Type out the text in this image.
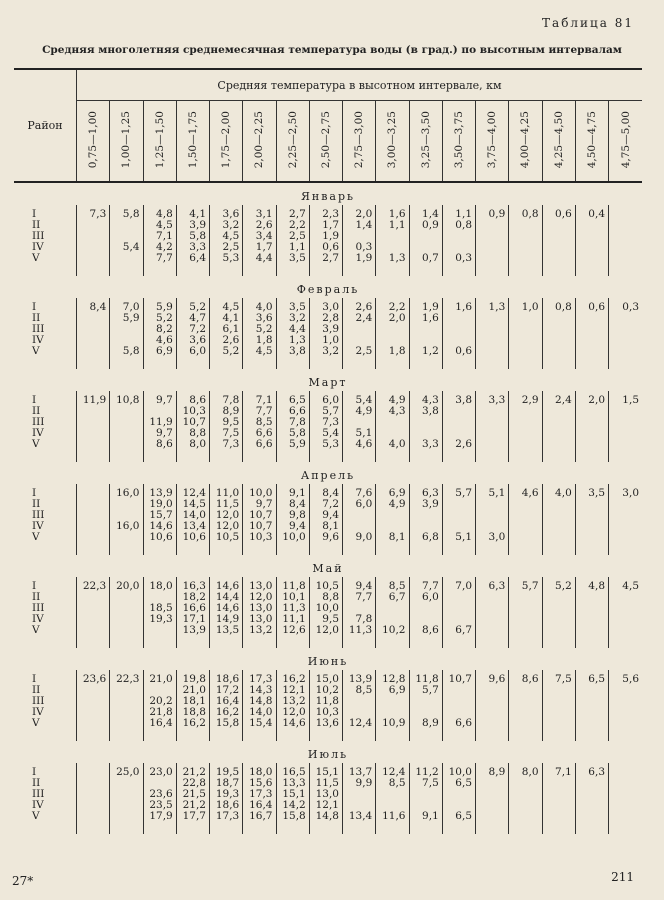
Таблица 81
Средняя многолетняя среднемесячная температура воды (в град.) по высотным интервалам
Район	Средняя температура в высотном интервале, км																
	0,75—1,00	1,00—1,25	1,25—1,50	1,50—1,75	1,75—2,00	2,00—2,25	2,25—2,50	2,50—2,75	2,75—3,00	3,00—3,25	3,25—3,50	3,50—3,75	3,75—4,00	4,00—4,25	4,25—4,50	4,50—4,75	4,75—5,00
Январь																	
I	7,3	5,8	4,8	4,1	3,6	3,1	2,7	2,3	2,0	1,6	1,4	1,1	0,9	0,8	0,6	0,4	
II			4,5	3,9	3,2	2,6	2,2	1,7	1,4	1,1	0,9	0,8					
III			7,1	5,8	4,5	3,4	2,5	1,9									
IV		5,4	4,2	3,3	2,5	1,7	1,1	0,6	0,3								
V			7,7	6,4	5,3	4,4	3,5	2,7	1,9	1,3	0,7	0,3					
Февраль																	
I	8,4	7,0	5,9	5,2	4,5	4,0	3,5	3,0	2,6	2,2	1,9	1,6	1,3	1,0	0,8	0,6	0,3
II		5,9	5,2	4,7	4,1	3,6	3,2	2,8	2,4	2,0	1,6						
III			8,2	7,2	6,1	5,2	4,4	3,9									
IV			4,6	3,6	2,6	1,8	1,3	1,0									
V		5,8	6,9	6,0	5,2	4,5	3,8	3,2	2,5	1,8	1,2	0,6					
Март																	
I	11,9	10,8	9,7	8,6	7,8	7,1	6,5	6,0	5,4	4,9	4,3	3,8	3,3	2,9	2,4	2,0	1,5
II				10,3	8,9	7,7	6,6	5,7	4,9	4,3	3,8						
III			11,9	10,7	9,5	8,5	7,8	7,3									
IV			9,7	8,8	7,5	6,6	5,8	5,4	5,1								
V			8,6	8,0	7,3	6,6	5,9	5,3	4,6	4,0	3,3	2,6					
Апрель																	
I		16,0	13,9	12,4	11,0	10,0	9,1	8,4	7,6	6,9	6,3	5,7	5,1	4,6	4,0	3,5	3,0
II			19,0	14,5	11,5	9,7	8,4	7,2	6,0	4,9	3,9						
III			15,7	14,0	12,0	10,7	9,8	9,4									
IV		16,0	14,6	13,4	12,0	10,7	9,4	8,1									
V			10,6	10,6	10,5	10,3	10,0	9,6	9,0	8,1	6,8	5,1	3,0				
Май																	
I	22,3	20,0	18,0	16,3	14,6	13,0	11,8	10,5	9,4	8,5	7,7	7,0	6,3	5,7	5,2	4,8	4,5
II				18,2	14,4	12,0	10,1	8,8	7,7	6,7	6,0						
III			18,5	16,6	14,6	13,0	11,3	10,0									
IV			19,3	17,1	14,9	13,0	11,1	9,5	7,8								
V				13,9	13,5	13,2	12,6	12,0	11,3	10,2	8,6	6,7					
Июнь																	
I	23,6	22,3	21,0	19,8	18,6	17,3	16,2	15,0	13,9	12,8	11,8	10,7	9,6	8,6	7,5	6,5	5,6
II				21,0	17,2	14,3	12,1	10,2	8,5	6,9	5,7						
III			20,2	18,1	16,4	14,8	13,2	11,8									
IV			21,8	18,8	16,2	14,0	12,0	10,3									
V			16,4	16,2	15,8	15,4	14,6	13,6	12,4	10,9	8,9	6,6					
Июль																	
I		25,0	23,0	21,2	19,5	18,0	16,5	15,1	13,7	12,4	11,2	10,0	8,9	8,0	7,1	6,3	
II				22,8	18,7	15,6	13,3	11,5	9,9	8,5	7,5	6,5					
III			23,6	21,5	19,3	17,3	15,1	13,0									
IV			23,5	21,2	18,6	16,4	14,2	12,1									
V			17,9	17,7	17,3	16,7	15,8	14,8	13,4	11,6	9,1	6,5					
27*	211
